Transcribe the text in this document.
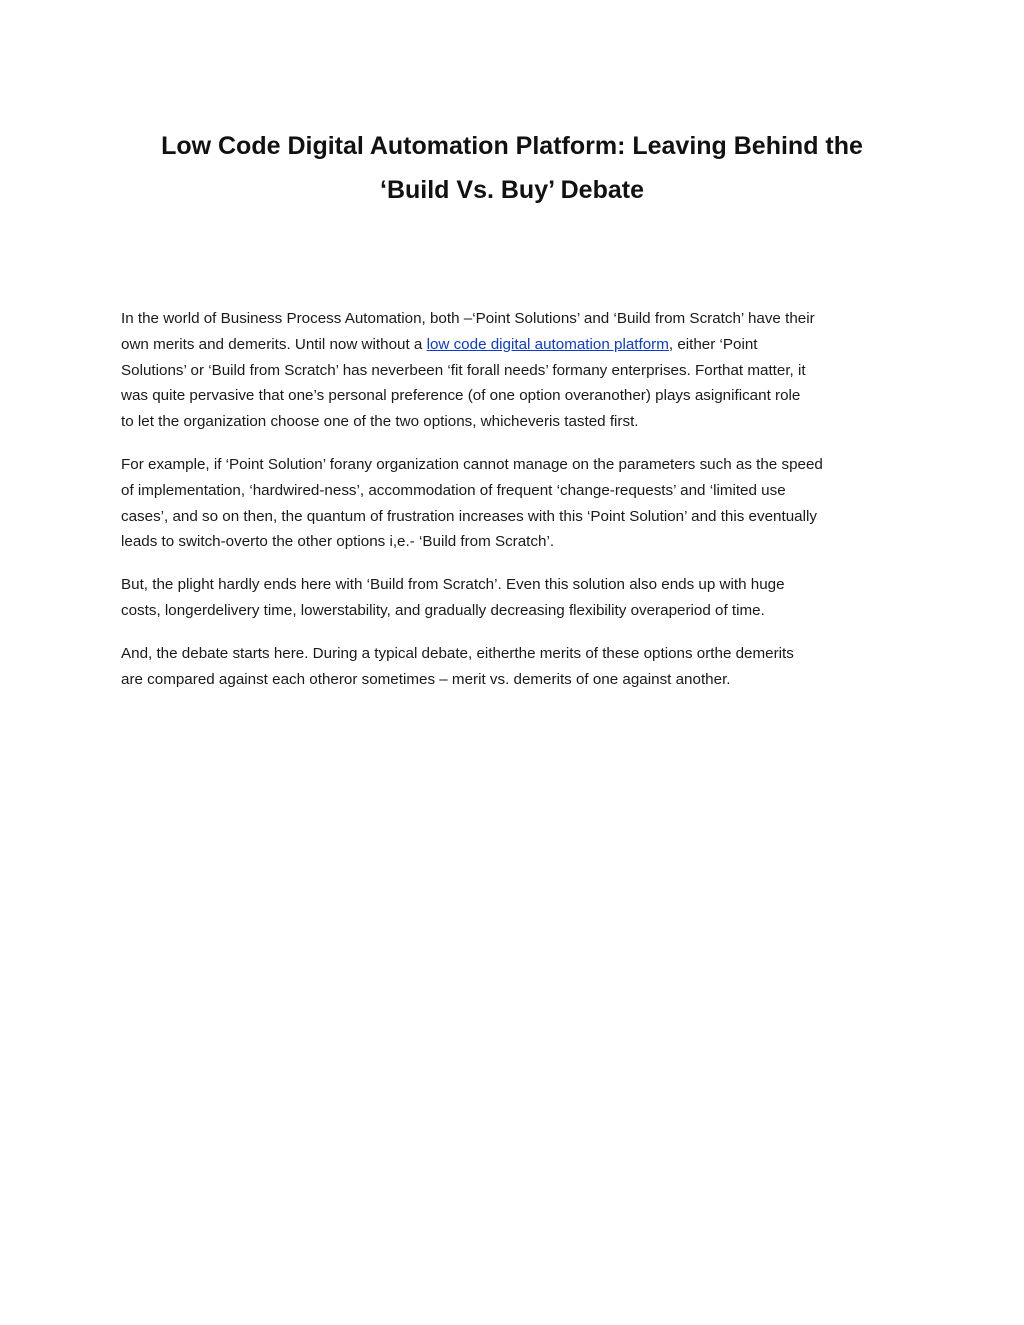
Low Code Digital Automation Platform: Leaving Behind the
‘Build Vs. Buy’ Debate

In the world of Business Process Automation, both –‘Point Solutions’ and ‘Build from Scratch’ have their
own merits and demerits. Until now without a low code digital automation platform, either ‘Point
Solutions’ or ‘Build from Scratch’ has neverbeen ‘fit forall needs’ formany enterprises. Forthat matter, it
was quite pervasive that one’s personal preference (of one option overanother) plays asignificant role
to let the organization choose one of the two options, whicheveris tasted first.

For example, if ‘Point Solution’ forany organization cannot manage on the parameters such as the speed
of implementation, ‘hardwired-ness’, accommodation of frequent ‘change-requests’ and ‘limited use
cases’, and so on then, the quantum of frustration increases with this ‘Point Solution’ and this eventually
leads to switch-overto the other options i,e.- ‘Build from Scratch’.

But, the plight hardly ends here with ‘Build from Scratch’. Even this solution also ends up with huge
costs, longerdelivery time, lowerstability, and gradually decreasing flexibility overaperiod of time.

And, the debate starts here. During a typical debate, eitherthe merits of these options orthe demerits
are compared against each otheror sometimes – merit vs. demerits of one against another.
